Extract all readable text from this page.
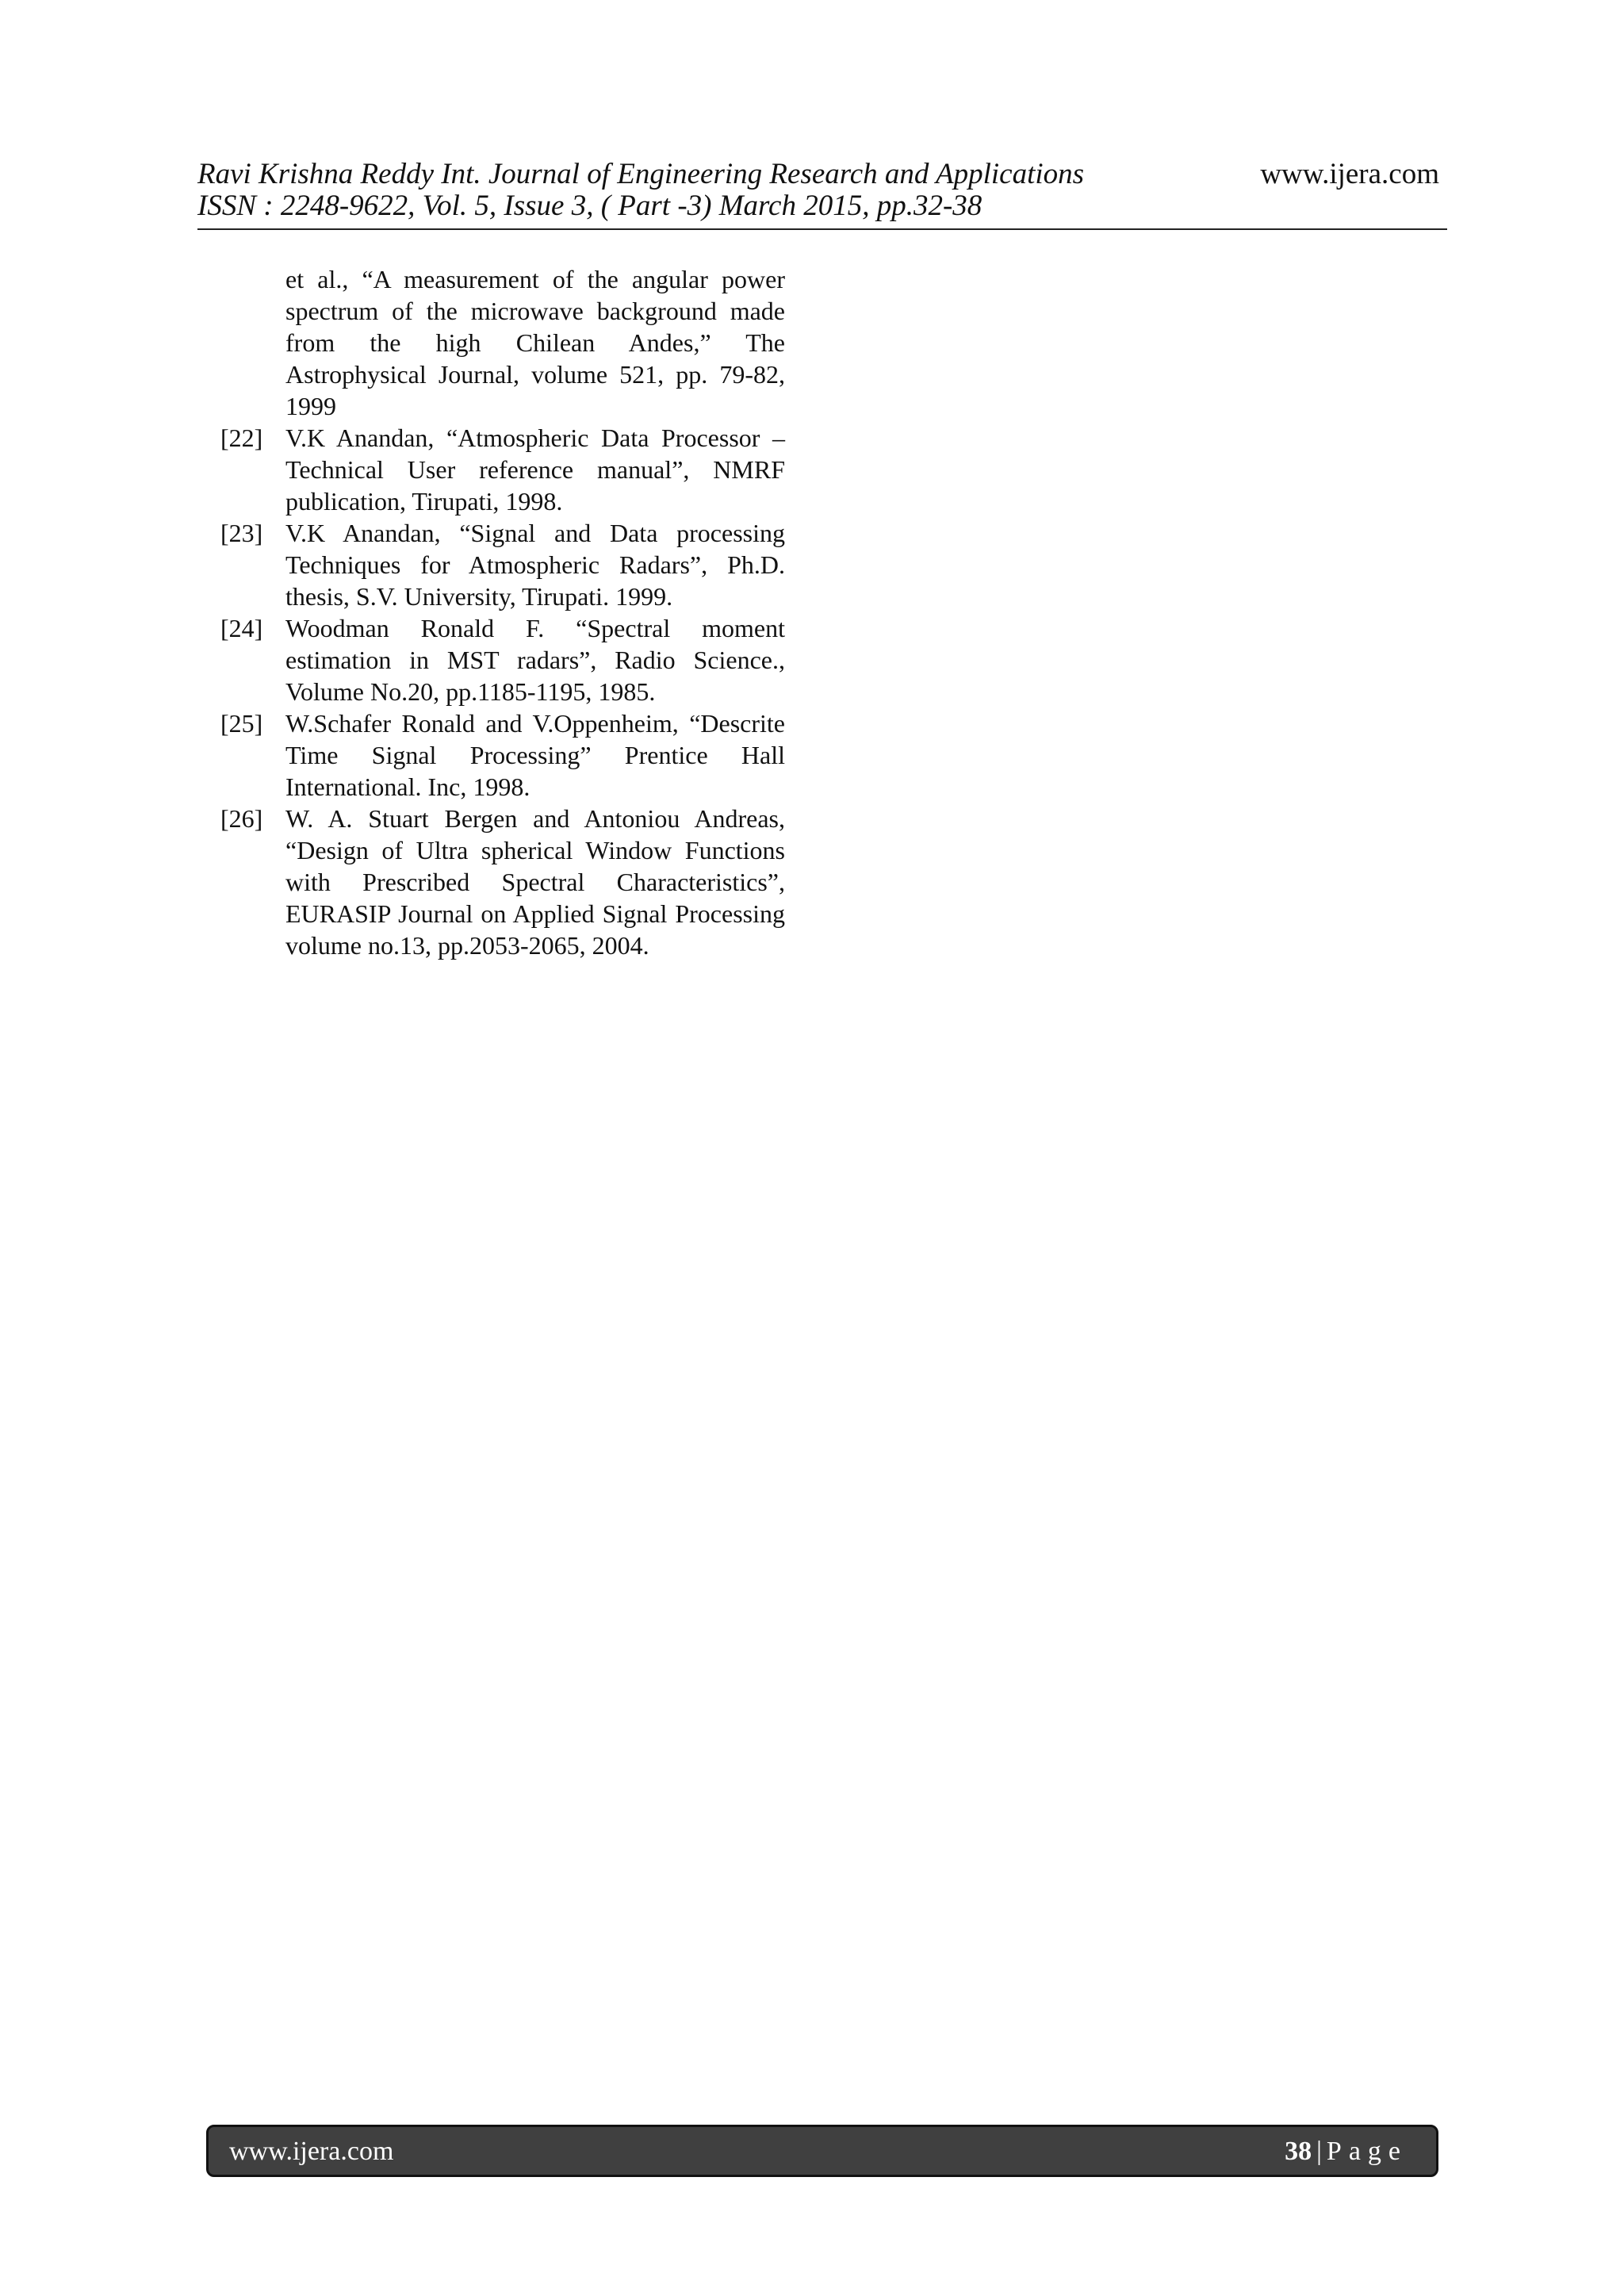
Ravi Krishna Reddy Int. Journal of Engineering Research and Applications
ISSN : 2248-9622, Vol. 5, Issue 3, ( Part -3) March 2015, pp.32-38
www.ijera.com
et al., “A measurement of the angular power spectrum of the microwave background made from the high Chilean Andes,” The Astrophysical Journal, volume 521, pp. 79-82, 1999
[22] V.K Anandan, “Atmospheric Data Processor – Technical User reference manual”, NMRF publication, Tirupati, 1998.
[23] V.K Anandan, “Signal and Data processing Techniques for Atmospheric Radars”, Ph.D. thesis, S.V. University, Tirupati. 1999.
[24] Woodman Ronald F. “Spectral moment estimation in MST radars”, Radio Science., Volume No.20, pp.1185-1195, 1985.
[25] W.Schafer Ronald and V.Oppenheim, “Descrite Time Signal Processing” Prentice Hall International. Inc, 1998.
[26] W. A. Stuart Bergen and Antoniou Andreas, “Design of Ultra spherical Window Functions with Prescribed Spectral Characteristics”, EURASIP Journal on Applied Signal Processing volume no.13, pp.2053-2065, 2004.
www.ijera.com	38 | Page
